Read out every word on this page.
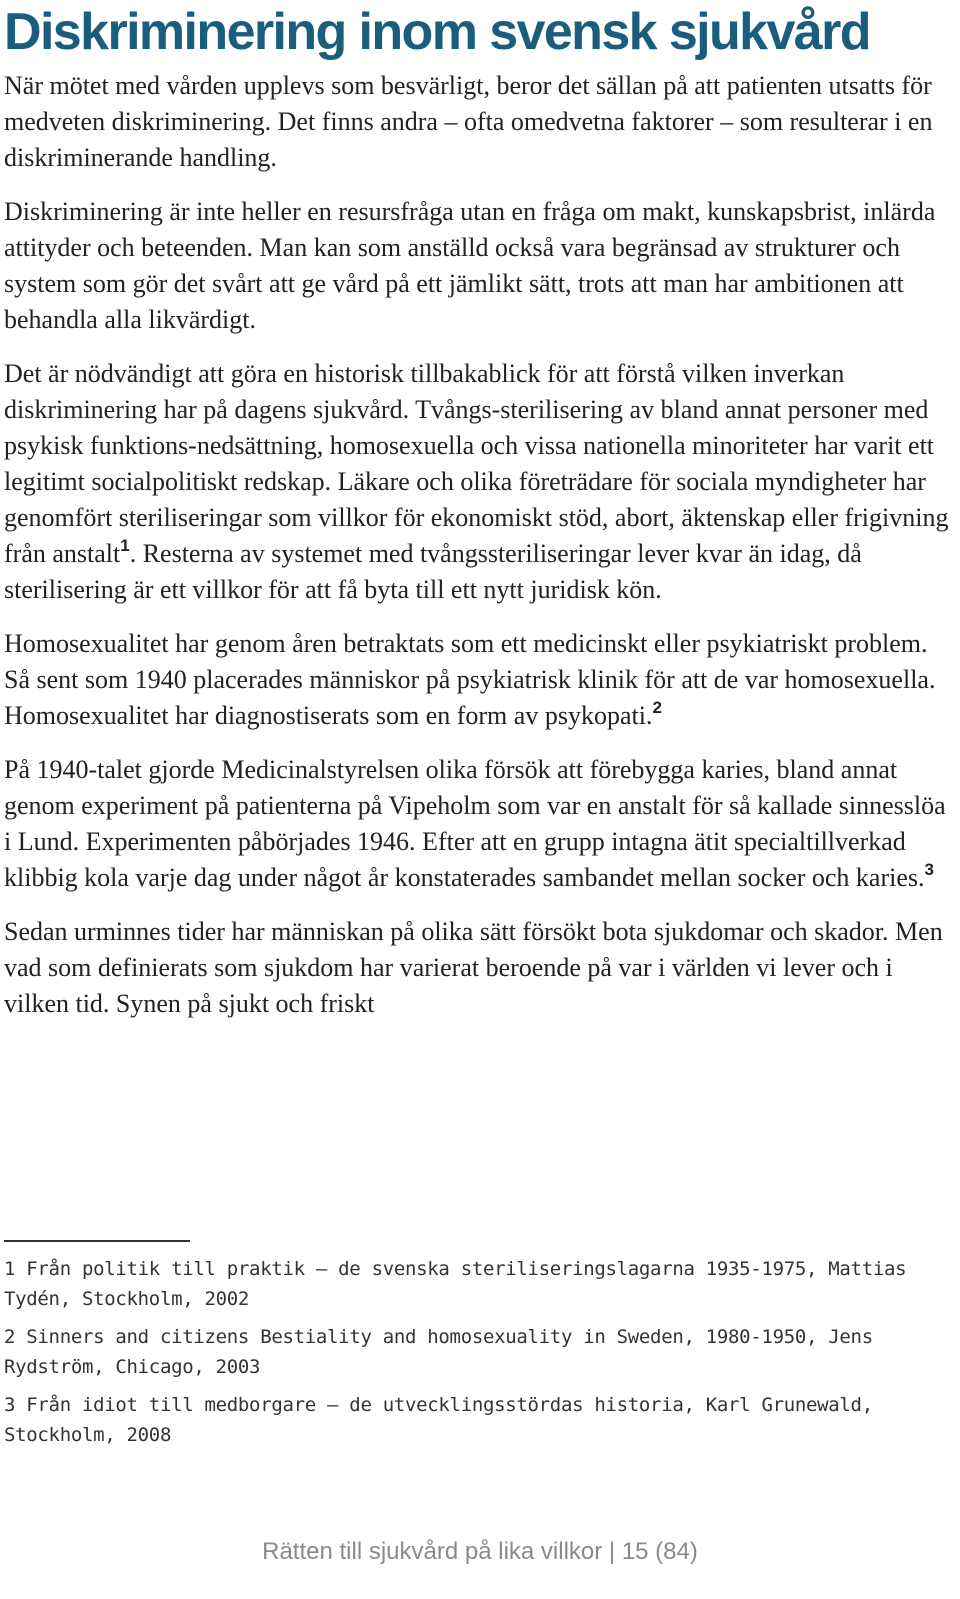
Diskriminering inom svensk sjukvård

När mötet med vården upplevs som besvärligt, beror det sällan på att patienten utsatts för medveten diskriminering. Det finns andra – ofta omedvetna faktorer – som resulterar i en diskriminerande handling.

Diskriminering är inte heller en resursfråga utan en fråga om makt, kunskapsbrist, inlärda attityder och beteenden. Man kan som anställd också vara begränsad av strukturer och system som gör det svårt att ge vård på ett jämlikt sätt, trots att man har ambitionen att behandla alla likvärdigt.

Det är nödvändigt att göra en historisk tillbakablick för att förstå vilken inverkan diskriminering har på dagens sjukvård. Tvångs-sterilisering av bland annat personer med psykisk funktions-nedsättning, homosexuella och vissa nationella minoriteter har varit ett legitimt socialpolitiskt redskap. Läkare och olika företrädare för sociala myndigheter har genomfört steriliseringar som villkor för ekonomiskt stöd, abort, äktenskap eller frigivning från anstalt$^1$. Resterna av systemet med tvångssteriliseringar lever kvar än idag, då sterilisering är ett villkor för att få byta till ett nytt juridisk kön.

Homosexualitet har genom åren betraktats som ett medicinskt eller psykiatriskt problem. Så sent som 1940 placerades människor på psykiatrisk klinik för att de var homosexuella. Homosexualitet har diagnostiserats som en form av psykopati.$^2$

På 1940-talet gjorde Medicinalstyrelsen olika försök att förebygga karies, bland annat genom experiment på patienterna på Vipeholm som var en anstalt för så kallade sinnesslöa i Lund. Experimenten påbörjades 1946. Efter att en grupp intagna ätit specialtillverkad klibbig kola varje dag under något år konstaterades sambandet mellan socker och karies.$^3$

Sedan urminnes tider har människan på olika sätt försökt bota sjukdomar och skador. Men vad som definierats som sjukdom har varierat beroende på var i världen vi lever och i vilken tid. Synen på sjukt och friskt

1 Från politik till praktik – de svenska steriliseringslagarna 1935-1975, Mattias Tydén, Stockholm, 2002

2 Sinners and citizens Bestiality and homosexuality in Sweden, 1980-1950, Jens Rydström, Chicago, 2003

3 Från idiot till medborgare – de utvecklingsstördas historia, Karl Grunewald, Stockholm, 2008

Rätten till sjukvård på lika villkor | 15 (84)
